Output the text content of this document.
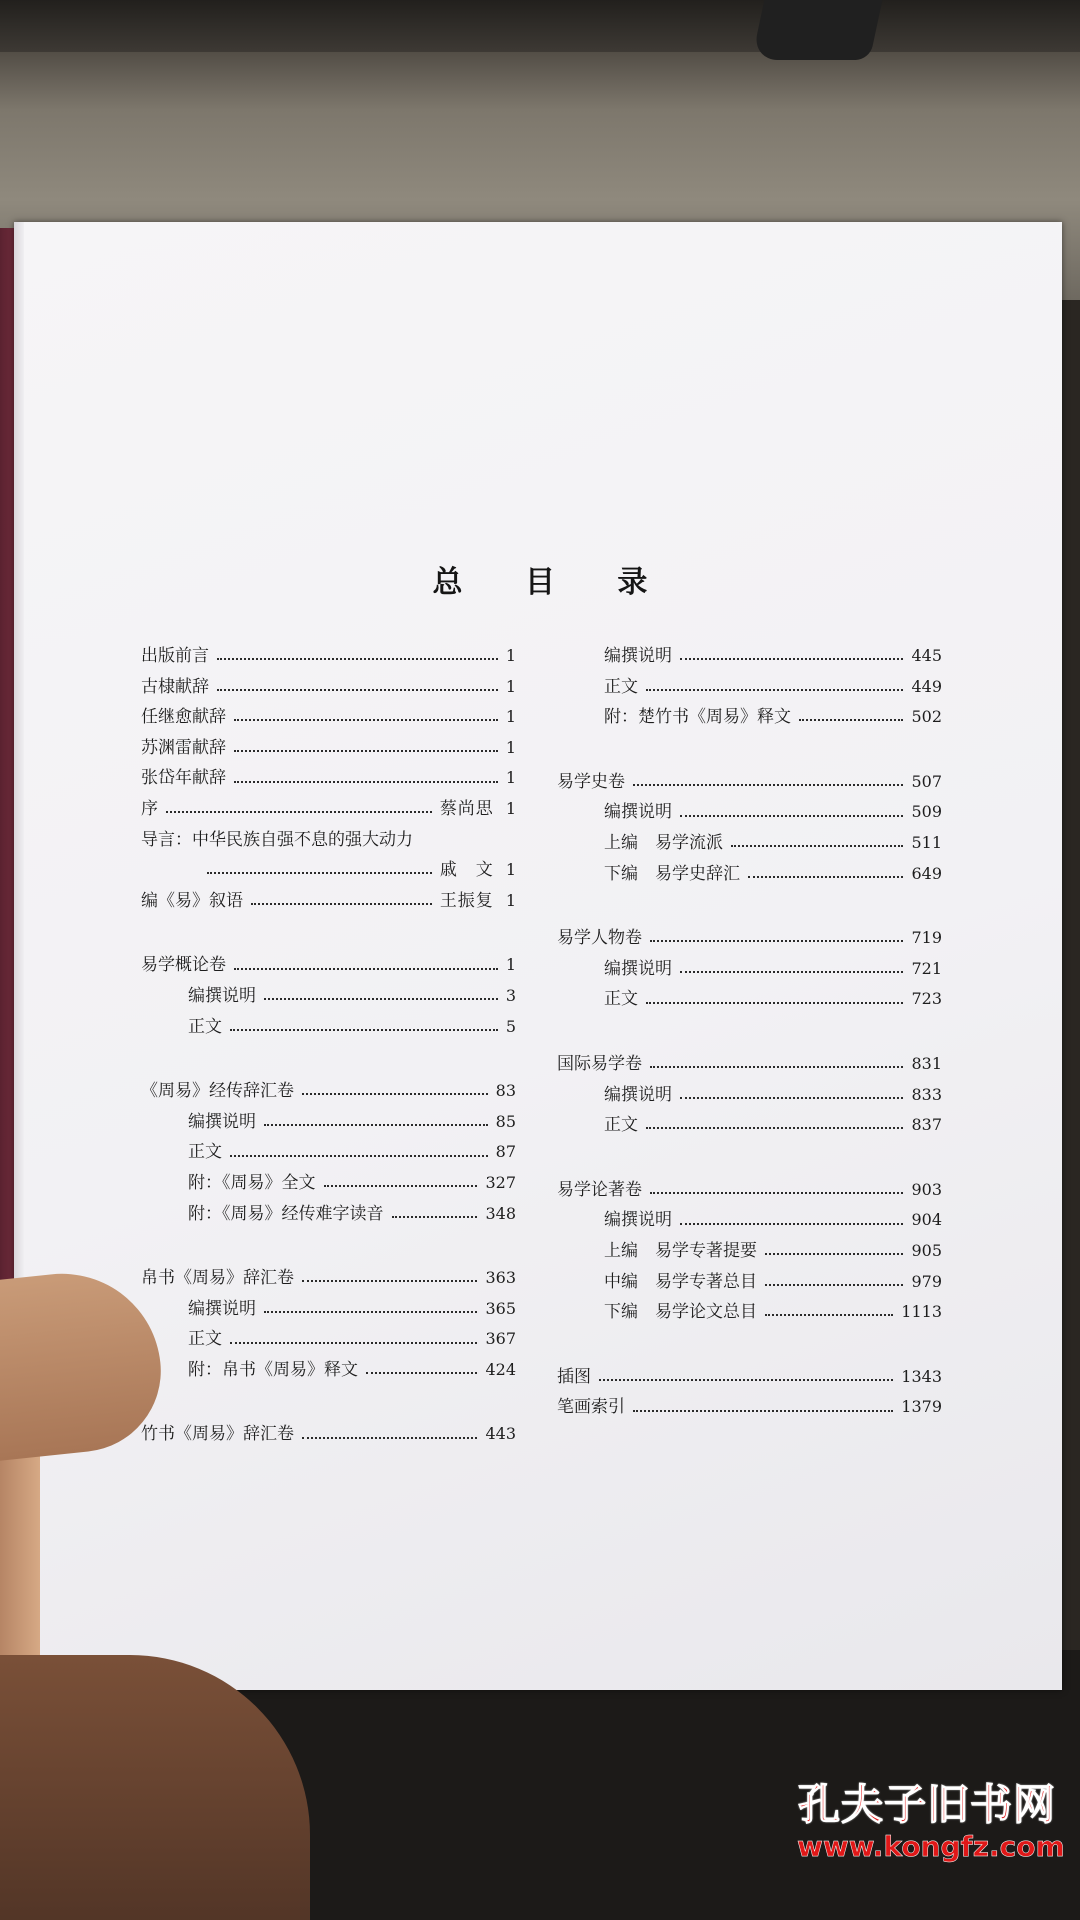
总 目 录
出版前言	1
古棣献辞	1
任继愈献辞	1
苏渊雷献辞	1
张岱年献辞	1
序	蔡尚思 1
导言：中华民族自强不息的强大动力
戚　文 1
编《易》叙语	王振复 1
易学概论卷	1
编撰说明	3
正文	5
《周易》经传辞汇卷	83
编撰说明	85
正文	87
附：《周易》全文	327
附：《周易》经传难字读音	348
帛书《周易》辞汇卷	363
编撰说明	365
正文	367
附：帛书《周易》释文	424
竹书《周易》辞汇卷	443
编撰说明	445
正文	449
附：楚竹书《周易》释文	502
易学史卷	507
编撰说明	509
上编　易学流派	511
下编　易学史辞汇	649
易学人物卷	719
编撰说明	721
正文	723
国际易学卷	831
编撰说明	833
正文	837
易学论著卷	903
编撰说明	904
上编　易学专著提要	905
中编　易学专著总目	979
下编　易学论文总目	1113
插图	1343
笔画索引	1379
孔夫子旧书网
www.kongfz.com
